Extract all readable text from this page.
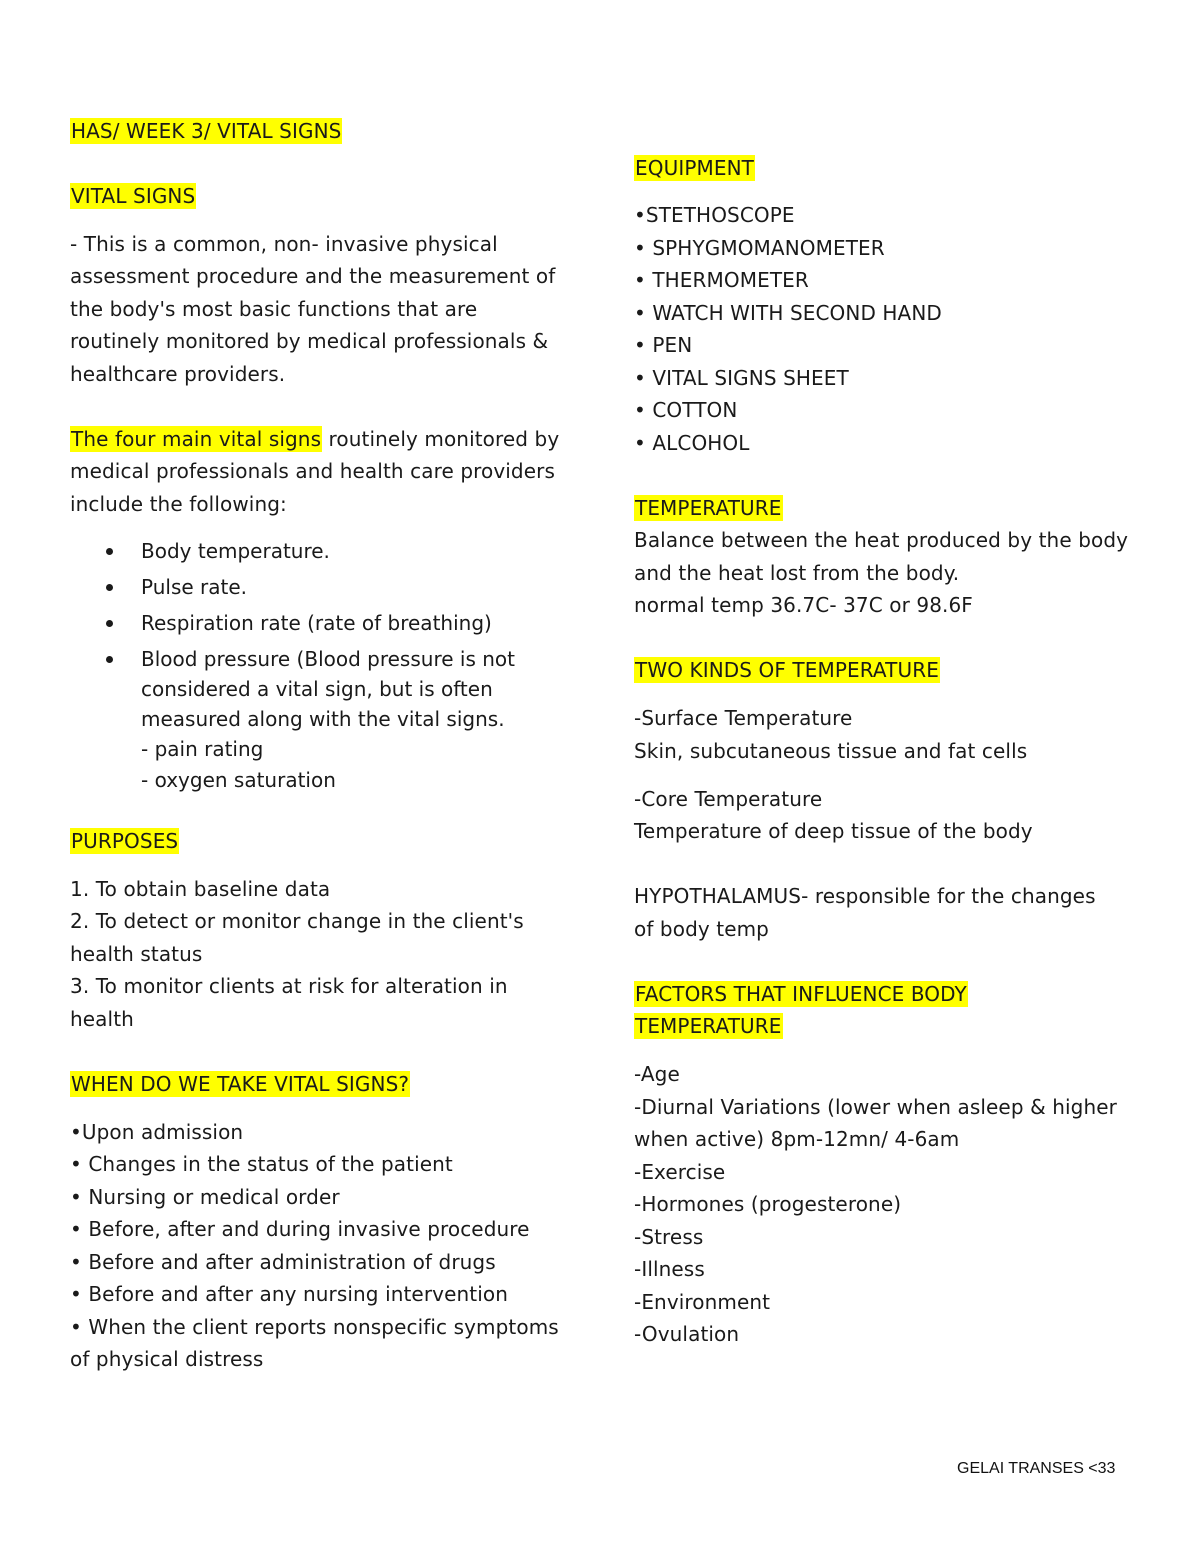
HAS/ WEEK 3/ VITAL SIGNS
VITAL SIGNS
- This is a common, non- invasive physical
assessment procedure and the measurement of
the body's most basic functions that are
routinely monitored by medical professionals &
healthcare providers.
The four main vital signs routinely monitored by
medical professionals and health care providers
include the following:
Body temperature.
Pulse rate.
Respiration rate (rate of breathing)
Blood pressure (Blood pressure is not
considered a vital sign, but is often
measured along with the vital signs.
- pain rating
- oxygen saturation
PURPOSES
1. To obtain baseline data
2. To detect or monitor change in the client's
health status
3. To monitor clients at risk for alteration in
health
WHEN DO WE TAKE VITAL SIGNS?
•Upon admission
• Changes in the status of the patient
• Nursing or medical order
• Before, after and during invasive procedure
• Before and after administration of drugs
• Before and after any nursing intervention
• When the client reports nonspecific symptoms
of physical distress
EQUIPMENT
•STETHOSCOPE
• SPHYGMOMANOMETER
• THERMOMETER
• WATCH WITH SECOND HAND
• PEN
• VITAL SIGNS SHEET
• COTTON
• ALCOHOL
TEMPERATURE
Balance between the heat produced by the body
and the heat lost from the body.
normal temp 36.7C- 37C or 98.6F
TWO KINDS OF TEMPERATURE
-Surface Temperature
Skin, subcutaneous tissue and fat cells
-Core Temperature
Temperature of deep tissue of the body
HYPOTHALAMUS- responsible for the changes
of body temp
FACTORS THAT INFLUENCE BODY
TEMPERATURE
-Age
-Diurnal Variations (lower when asleep & higher
when active) 8pm-12mn/ 4-6am
-Exercise
-Hormones (progesterone)
-Stress
-Illness
-Environment
-Ovulation
GELAI TRANSES <33
